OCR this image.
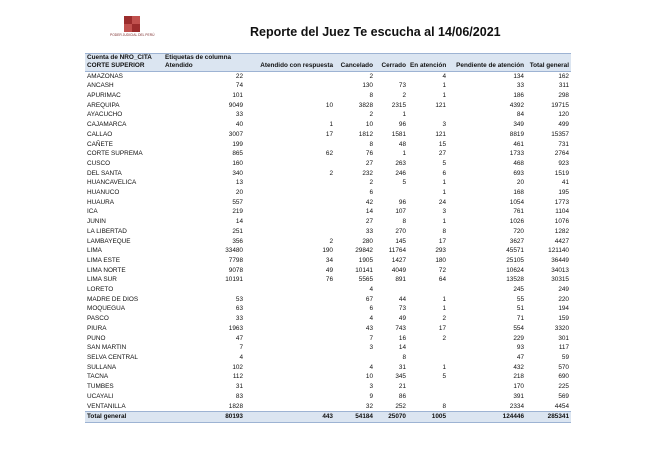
PODER JUDICIAL DEL PERÚ	Reporte del Juez Te escucha al 14/06/2021
Cuenta de NRO_CITA	Etiquetas de columna						
CORTE SUPERIOR	Atendido	Atendido con respuesta	Cancelado	Cerrado	En atención	Pendiente de atención	Total general
AMAZONAS	22		2		4	134	162
ANCASH	74		130	73	1	33	311
APURIMAC	101		8	2	1	186	298
AREQUIPA	9049	10	3828	2315	121	4392	19715
AYACUCHO	33		2	1		84	120
CAJAMARCA	40	1	10	96	3	349	499
CALLAO	3007	17	1812	1581	121	8819	15357
CAÑETE	199		8	48	15	461	731
CORTE SUPREMA	865	62	76	1	27	1733	2764
CUSCO	160		27	263	5	468	923
DEL SANTA	340	2	232	246	6	693	1519
HUANCAVELICA	13		2	5	1	20	41
HUANUCO	20		6		1	168	195
HUAURA	557		42	96	24	1054	1773
ICA	219		14	107	3	761	1104
JUNIN	14		27	8	1	1026	1076
LA LIBERTAD	251		33	270	8	720	1282
LAMBAYEQUE	356	2	280	145	17	3627	4427
LIMA	33480	190	29842	11764	293	45571	121140
LIMA ESTE	7798	34	1905	1427	180	25105	36449
LIMA NORTE	9078	49	10141	4049	72	10624	34013
LIMA SUR	10191	76	5565	891	64	13528	30315
LORETO			4			245	249
MADRE DE DIOS	53		67	44	1	55	220
MOQUEGUA	63		6	73	1	51	194
PASCO	33		4	49	2	71	159
PIURA	1963		43	743	17	554	3320
PUNO	47		7	16	2	229	301
SAN MARTIN	7		3	14		93	117
SELVA CENTRAL	4			8		47	59
SULLANA	102		4	31	1	432	570
TACNA	112		10	345	5	218	690
TUMBES	31		3	21		170	225
UCAYALI	83		9	86		391	569
VENTANILLA	1828		32	252	8	2334	4454
Total general	80193	443	54184	25070	1005	124446	285341
